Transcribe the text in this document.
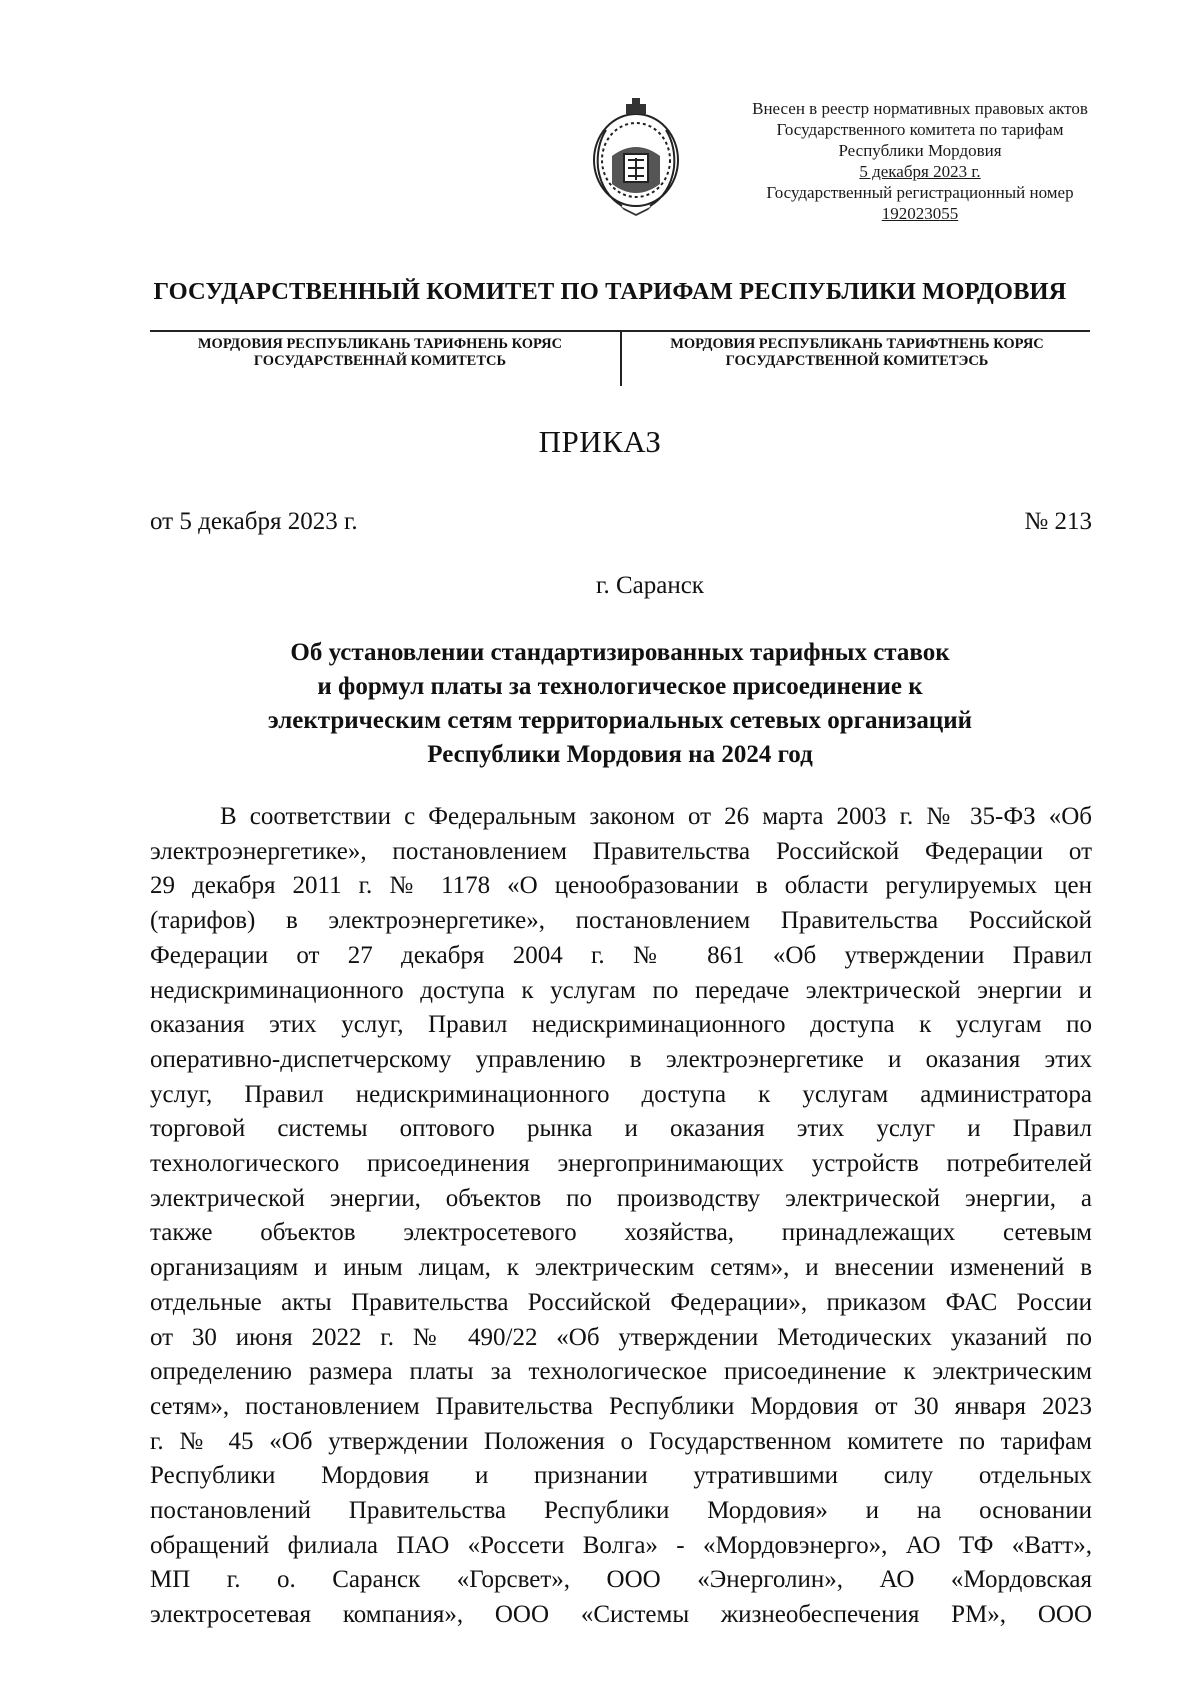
Внесен в реестр нормативных правовых актов
Государственного комитета по тарифам
Республики Мордовия
5 декабря 2023 г.
Государственный регистрационный номер
192023055
ГОСУДАРСТВЕННЫЙ КОМИТЕТ ПО ТАРИФАМ РЕСПУБЛИКИ МОРДОВИЯ
МОРДОВИЯ РЕСПУБЛИКАНЬ ТАРИФНЕНЬ КОРЯС
ГОСУДАРСТВЕННАЙ КОМИТЕТСЬ
МОРДОВИЯ РЕСПУБЛИКАНЬ ТАРИФТНЕНЬ КОРЯС
ГОСУДАРСТВЕННОЙ КОМИТЕТЭСЬ
ПРИКАЗ
от 5 декабря 2023 г.	№ 213
г. Саранск
Об установлении стандартизированных тарифных ставок
и формул платы за технологическое присоединение к
электрическим сетям территориальных сетевых организаций
Республики Мордовия на 2024 год
В соответствии с Федеральным законом от 26 марта 2003 г. № 35-ФЗ «Об
электроэнергетике», постановлением Правительства Российской Федерации от
29 декабря 2011 г. № 1178 «О ценообразовании в области регулируемых цен
(тарифов) в электроэнергетике», постановлением Правительства Российской
Федерации от 27 декабря 2004 г. № 861 «Об утверждении Правил
недискриминационного доступа к услугам по передаче электрической энергии и
оказания этих услуг, Правил недискриминационного доступа к услугам по
оперативно-диспетчерскому управлению в электроэнергетике и оказания этих
услуг, Правил недискриминационного доступа к услугам администратора
торговой системы оптового рынка и оказания этих услуг и Правил
технологического присоединения энергопринимающих устройств потребителей
электрической энергии, объектов по производству электрической энергии, а
также объектов электросетевого хозяйства, принадлежащих сетевым
организациям и иным лицам, к электрическим сетям», и внесении изменений в
отдельные акты Правительства Российской Федерации», приказом ФАС России
от 30 июня 2022 г. № 490/22 «Об утверждении Методических указаний по
определению размера платы за технологическое присоединение к электрическим
сетям», постановлением Правительства Республики Мордовия от 30 января 2023
г. № 45 «Об утверждении Положения о Государственном комитете по тарифам
Республики Мордовия и признании утратившими силу отдельных
постановлений Правительства Республики Мордовия» и на основании
обращений филиала ПАО «Россети Волга» - «Мордовэнерго», АО ТФ «Ватт»,
МП г. о. Саранск «Горсвет», ООО «Энерголин», АО «Мордовская
электросетевая компания», ООО «Системы жизнеобеспечения РМ», ООО
